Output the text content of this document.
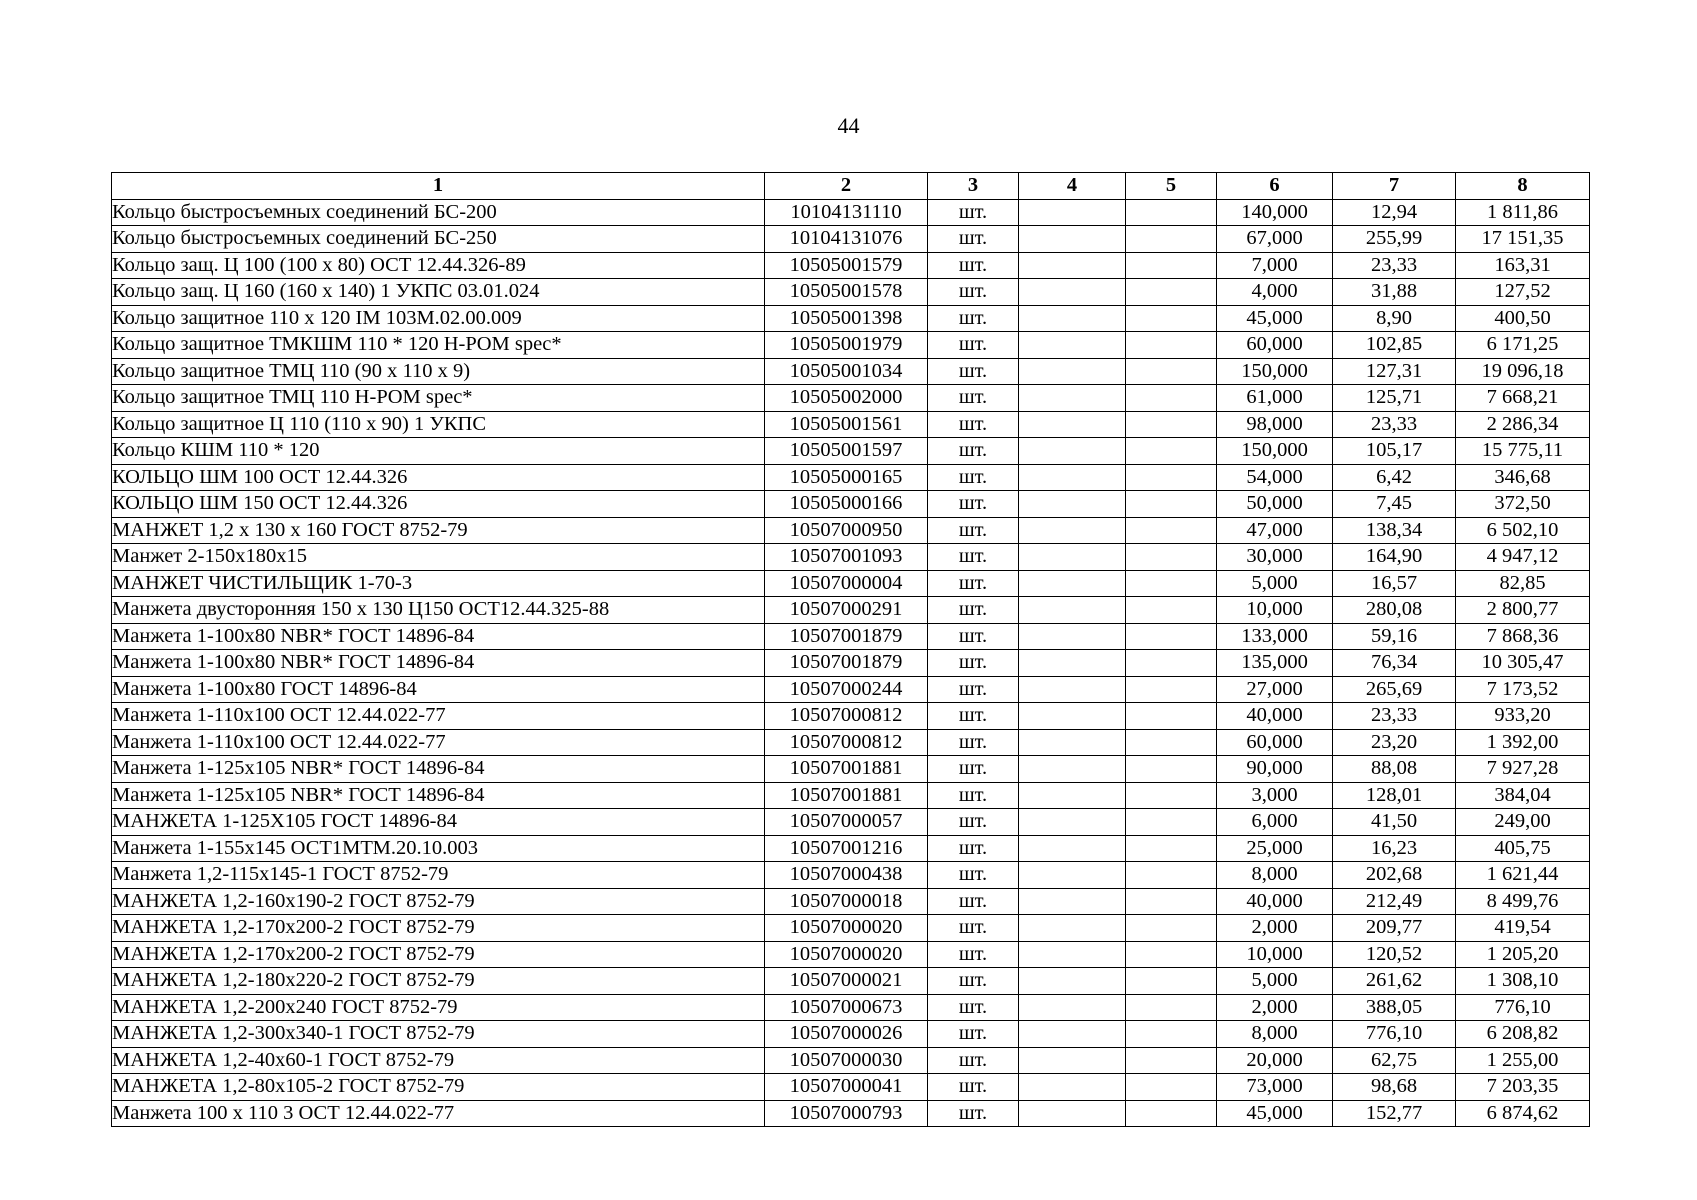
44
1	2	3	4	5	6	7	8
Кольцо быстросъемных соединений БС-200	10104131110	шт.			140,000	12,94	1 811,86
Кольцо быстросъемных соединений БС-250	10104131076	шт.			67,000	255,99	17 151,35
Кольцо защ. Ц 100 (100 х 80) ОСТ 12.44.326-89	10505001579	шт.			7,000	23,33	163,31
Кольцо защ. Ц 160 (160 х 140) 1 УКПС 03.01.024	10505001578	шт.			4,000	31,88	127,52
Кольцо защитное 110 х 120 IM 103М.02.00.009	10505001398	шт.			45,000	8,90	400,50
Кольцо защитное ТМКШМ 110 * 120 H-POM spec*	10505001979	шт.			60,000	102,85	6 171,25
Кольцо защитное ТМЦ 110 (90 х 110 х 9)	10505001034	шт.			150,000	127,31	19 096,18
Кольцо защитное ТМЦ 110 H-POM spec*	10505002000	шт.			61,000	125,71	7 668,21
Кольцо защитное Ц 110 (110 х 90) 1 УКПС	10505001561	шт.			98,000	23,33	2 286,34
Кольцо КШМ 110 * 120	10505001597	шт.			150,000	105,17	15 775,11
КОЛЬЦО ШМ 100 ОСТ 12.44.326	10505000165	шт.			54,000	6,42	346,68
КОЛЬЦО ШМ 150 ОСТ 12.44.326	10505000166	шт.			50,000	7,45	372,50
МАНЖЕТ 1,2 х 130 х 160 ГОСТ 8752-79	10507000950	шт.			47,000	138,34	6 502,10
Манжет 2-150х180х15	10507001093	шт.			30,000	164,90	4 947,12
МАНЖЕТ ЧИСТИЛЬЩИК 1-70-3	10507000004	шт.			5,000	16,57	82,85
Манжета двусторонняя 150 х 130 Ц150 ОСТ12.44.325-88	10507000291	шт.			10,000	280,08	2 800,77
Манжета 1-100х80 NBR* ГОСТ 14896-84	10507001879	шт.			133,000	59,16	7 868,36
Манжета 1-100х80 NBR* ГОСТ 14896-84	10507001879	шт.			135,000	76,34	10 305,47
Манжета 1-100х80 ГОСТ 14896-84	10507000244	шт.			27,000	265,69	7 173,52
Манжета 1-110х100 ОСТ 12.44.022-77	10507000812	шт.			40,000	23,33	933,20
Манжета 1-110х100 ОСТ 12.44.022-77	10507000812	шт.			60,000	23,20	1 392,00
Манжета 1-125х105 NBR* ГОСТ 14896-84	10507001881	шт.			90,000	88,08	7 927,28
Манжета 1-125х105 NBR* ГОСТ 14896-84	10507001881	шт.			3,000	128,01	384,04
МАНЖЕТА 1-125Х105 ГОСТ 14896-84	10507000057	шт.			6,000	41,50	249,00
Манжета 1-155х145 ОСТ1МТМ.20.10.003	10507001216	шт.			25,000	16,23	405,75
Манжета 1,2-115х145-1 ГОСТ 8752-79	10507000438	шт.			8,000	202,68	1 621,44
МАНЖЕТА 1,2-160х190-2 ГОСТ 8752-79	10507000018	шт.			40,000	212,49	8 499,76
МАНЖЕТА 1,2-170х200-2 ГОСТ 8752-79	10507000020	шт.			2,000	209,77	419,54
МАНЖЕТА 1,2-170х200-2 ГОСТ 8752-79	10507000020	шт.			10,000	120,52	1 205,20
МАНЖЕТА 1,2-180х220-2 ГОСТ 8752-79	10507000021	шт.			5,000	261,62	1 308,10
МАНЖЕТА 1,2-200х240 ГОСТ 8752-79	10507000673	шт.			2,000	388,05	776,10
МАНЖЕТА 1,2-300х340-1 ГОСТ 8752-79	10507000026	шт.			8,000	776,10	6 208,82
МАНЖЕТА 1,2-40х60-1 ГОСТ 8752-79	10507000030	шт.			20,000	62,75	1 255,00
МАНЖЕТА 1,2-80х105-2 ГОСТ 8752-79	10507000041	шт.			73,000	98,68	7 203,35
Манжета 100 х 110 3 ОСТ 12.44.022-77	10507000793	шт.			45,000	152,77	6 874,62
